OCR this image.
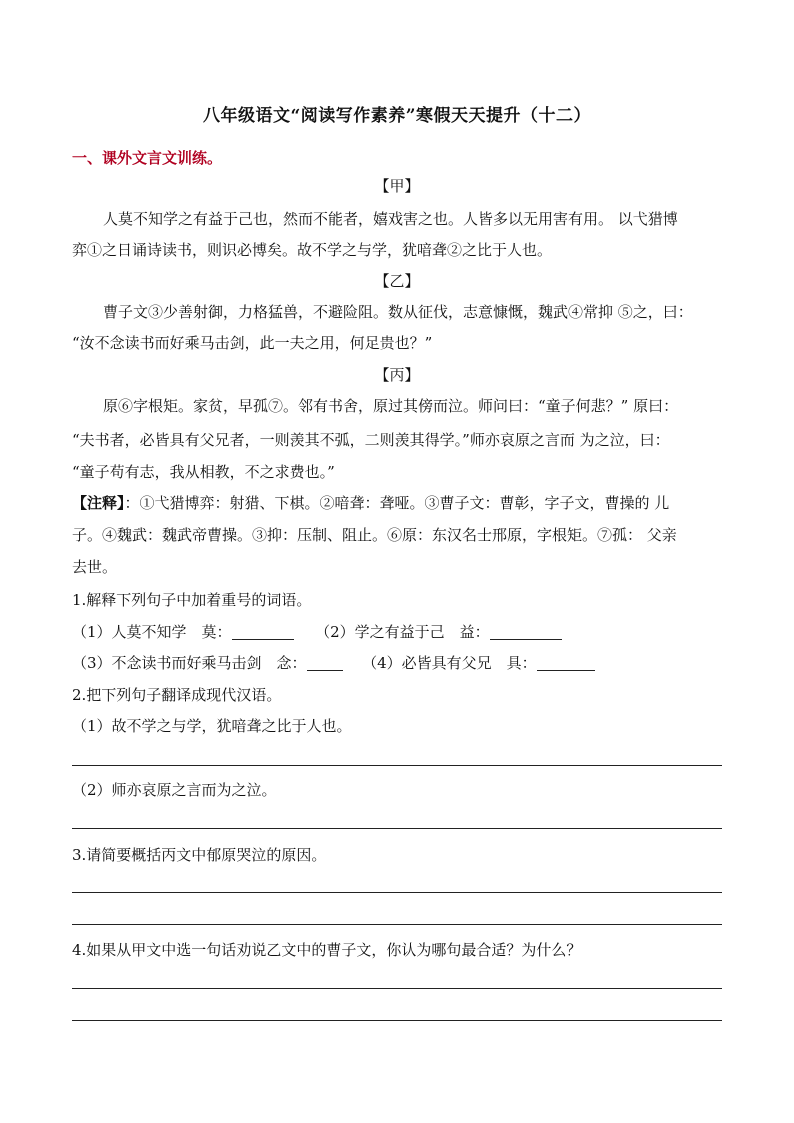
八年级语文“阅读写作素养”寒假天天提升（十二）
一、课外文言文训练。
【甲】
人莫不知学之有益于己也，然而不能者，嬉戏害之也。人皆多以无用害有用。 以弋猎博
弈①之日诵诗读书，则识必博矣。故不学之与学，犹喑聋②之比于人也。
【乙】
曹子文③少善射御，力格猛兽，不避险阻。数从征伐，志意慷慨，魏武④常抑 ⑤之，曰：
“汝不念读书而好乘马击剑，此一夫之用，何足贵也？”
【丙】
原⑥字根矩。家贫，早孤⑦。邻有书舍，原过其傍而泣。师问曰：“童子何悲？” 原曰：
“夫书者，必皆具有父兄者，一则羡其不弧，二则羡其得学。”师亦哀原之言而 为之泣，曰：
“童子苟有志，我从相教，不之求费也。”
【注释】：①弋猎博弈：射猎、下棋。②喑聋：聋哑。③曹子文：曹彰，字子文，曹操的 儿
子。④魏武：魏武帝曹操。③抑：压制、阻止。⑥原：东汉名士邢原，字根矩。⑦孤： 父亲
去世。
1.解释下列句子中加着重号的词语。
（1）人莫不知学　莫：	（2）学之有益于己　益：
（3）不念读书而好乘马击剑　念：	（4）必皆具有父兄　具：
2.把下列句子翻译成现代汉语。
（1）故不学之与学，犹喑聋之比于人也。
（2）师亦哀原之言而为之泣。
3.请简要概括丙文中郁原哭泣的原因。
4.如果从甲文中选一句话劝说乙文中的曹子文，你认为哪句最合适？为什么？
